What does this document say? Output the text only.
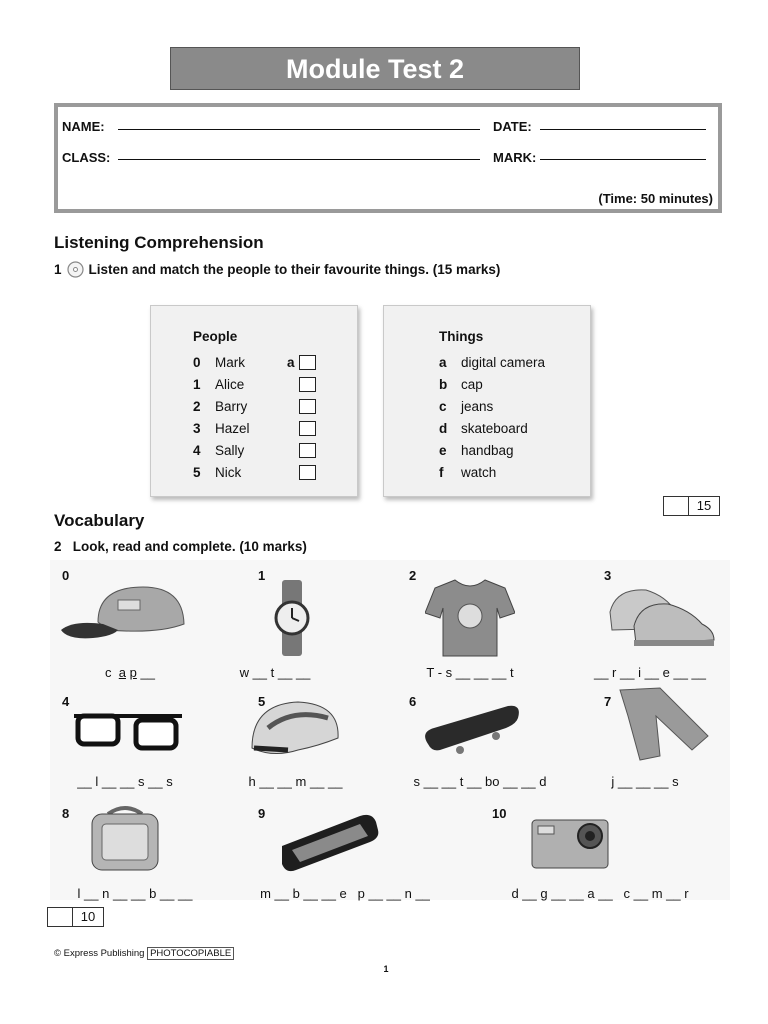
Module Test 2
NAME:	DATE:
CLASS:	MARK:
(Time: 50 minutes)
Listening Comprehension
1 Listen and match the people to their favourite things. (15 marks)
People
0	Mark	a
1	Alice
2	Barry
3	Hazel
4	Sally
5	Nick
Things
a	digital camera
b	cap
c	jeans
d	skateboard
e	handbag
f	watch
15
Vocabulary
2 Look, read and complete. (10 marks)
0
c a p __
1
w __ t __ __
2
T - s __ __ __ t
3
__ r __ i __ e __ __
4
__ l __ __ s __ s
5
h __ __ m __ __
6
s __ __ t __ bo __ __ d
7
j __ __ __ s
8
l __ n __ __ b __ __
9
m __ b __ __ e   p __ __ n __
10
d __ g __ __ a __   c __ m __ r
10
© Express Publishing PHOTOCOPIABLE
1
